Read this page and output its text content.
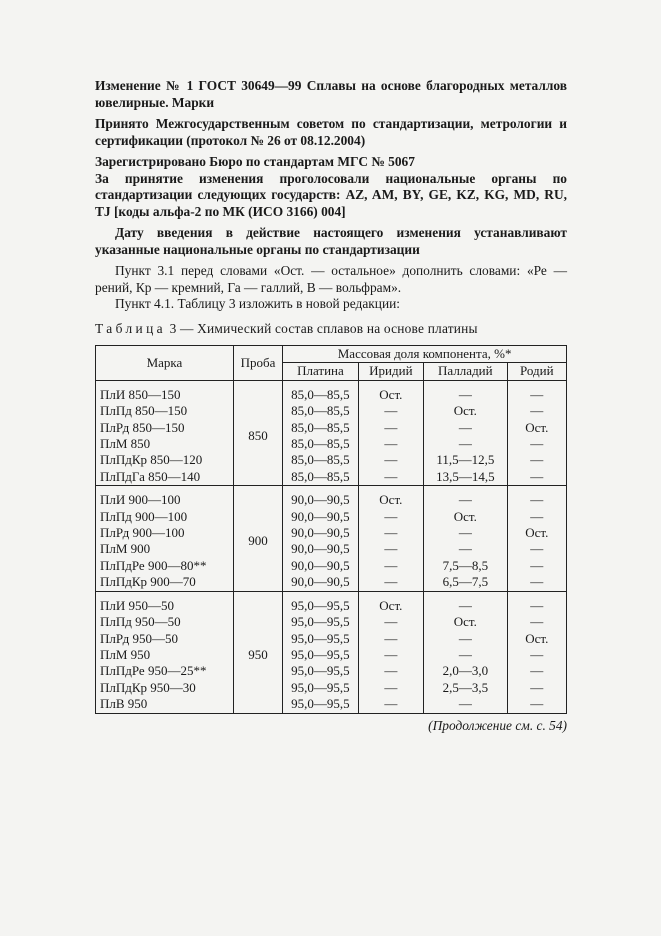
Изменение № 1 ГОСТ 30649—99 Сплавы на основе благородных металлов ювелирные. Марки

Принято Межгосударственным советом по стандартизации, метрологии и сертификации (протокол № 26 от 08.12.2004)

Зарегистрировано Бюро по стандартам МГС № 5067

За принятие изменения проголосовали национальные органы по стандартизации следующих государств: AZ, AM, BY, GE, KZ, KG, MD, RU, TJ [коды альфа-2 по МК (ИСО 3166) 004]

Дату введения в действие настоящего изменения устанавливают указанные национальные органы по стандартизации

Пункт 3.1 перед словами «Ост. — остальное» дополнить словами: «Ре — рений, Кр — кремний, Га — галлий, В — вольфрам».

Пункт 4.1. Таблицу 3 изложить в новой редакции:

Таблица 3 — Химический состав сплавов на основе платины
Марка	Проба	Массовая доля компонента, %*			
		Платина	Иридий	Палладий	Родий
ПлИ 850—150	850	85,0—85,5	Ост.	—	—
ПлПд 850—150		85,0—85,5	—	Ост.	—
ПлРд 850—150		85,0—85,5	—	—	Ост.
ПлМ 850		85,0—85,5	—	—	—
ПлПдКр 850—120		85,0—85,5	—	11,5—12,5	—
ПлПдГа 850—140		85,0—85,5	—	13,5—14,5	—
ПлИ 900—100	900	90,0—90,5	Ост.	—	—
ПлПд 900—100		90,0—90,5	—	Ост.	—
ПлРд 900—100		90,0—90,5	—	—	Ост.
ПлМ 900		90,0—90,5	—	—	—
ПлПдРе 900—80**		90,0—90,5	—	7,5—8,5	—
ПлПдКр 900—70		90,0—90,5	—	6,5—7,5	—
ПлИ 950—50	950	95,0—95,5	Ост.	—	—
ПлПд 950—50		95,0—95,5	—	Ост.	—
ПлРд 950—50		95,0—95,5	—	—	Ост.
ПлМ 950		95,0—95,5	—	—	—
ПлПдРе 950—25**		95,0—95,5	—	2,0—3,0	—
ПлПдКр 950—30		95,0—95,5	—	2,5—3,5	—
ПлВ 950		95,0—95,5	—	—	—
(Продолжение см. с. 54)
